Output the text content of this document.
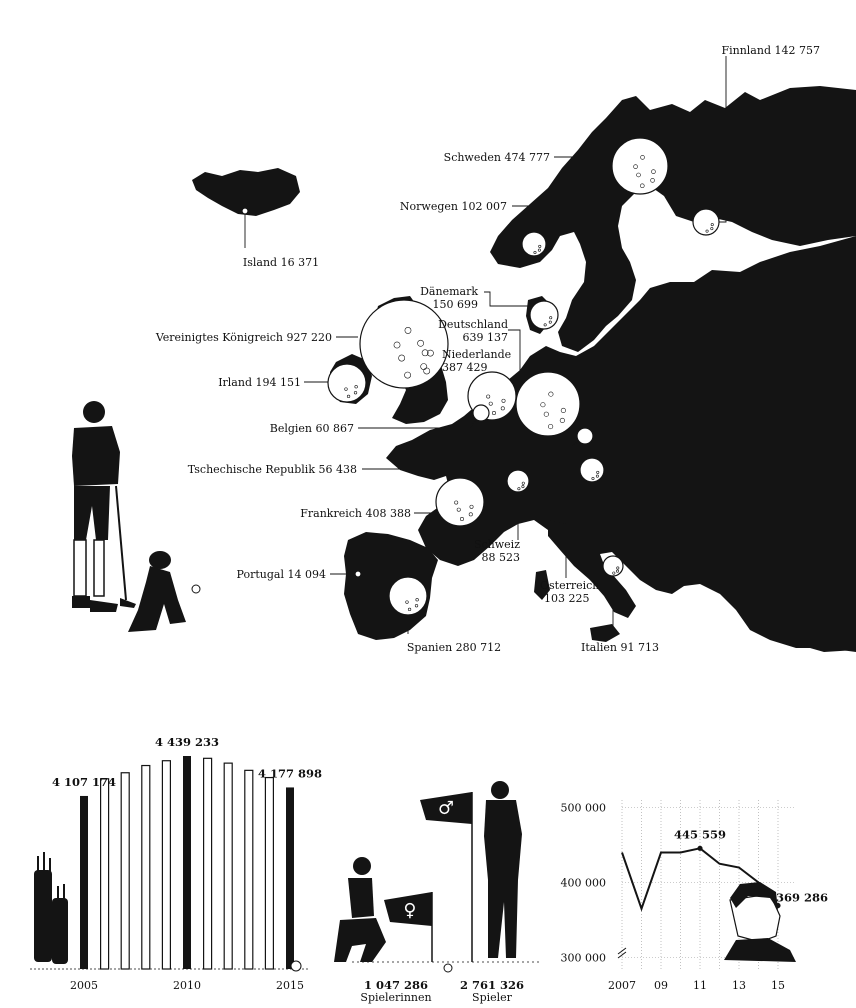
Finnland 142 757
Schweden 474 777
Norwegen 102 007
Island 16 371
Dänemark
150 699
Vereinigtes Königreich 927 220
Deutschland
639 137
Niederlande
387 429
Irland 194 151
Belgien 60 867
Tschechische Republik 56 438
Frankreich 408 388
Schweiz
88 523
Portugal 14 094
Österreich
103 225
Spanien 280 712	Italien 91 713
4 107 174
4 439 233
4 177 898
2005	2010	2015
♂
♀
1 047 286
Spielerinnen
2 761 326
Spieler
300 000
400 000
500 000
2007 09 11 13 15
445 559
369 286
